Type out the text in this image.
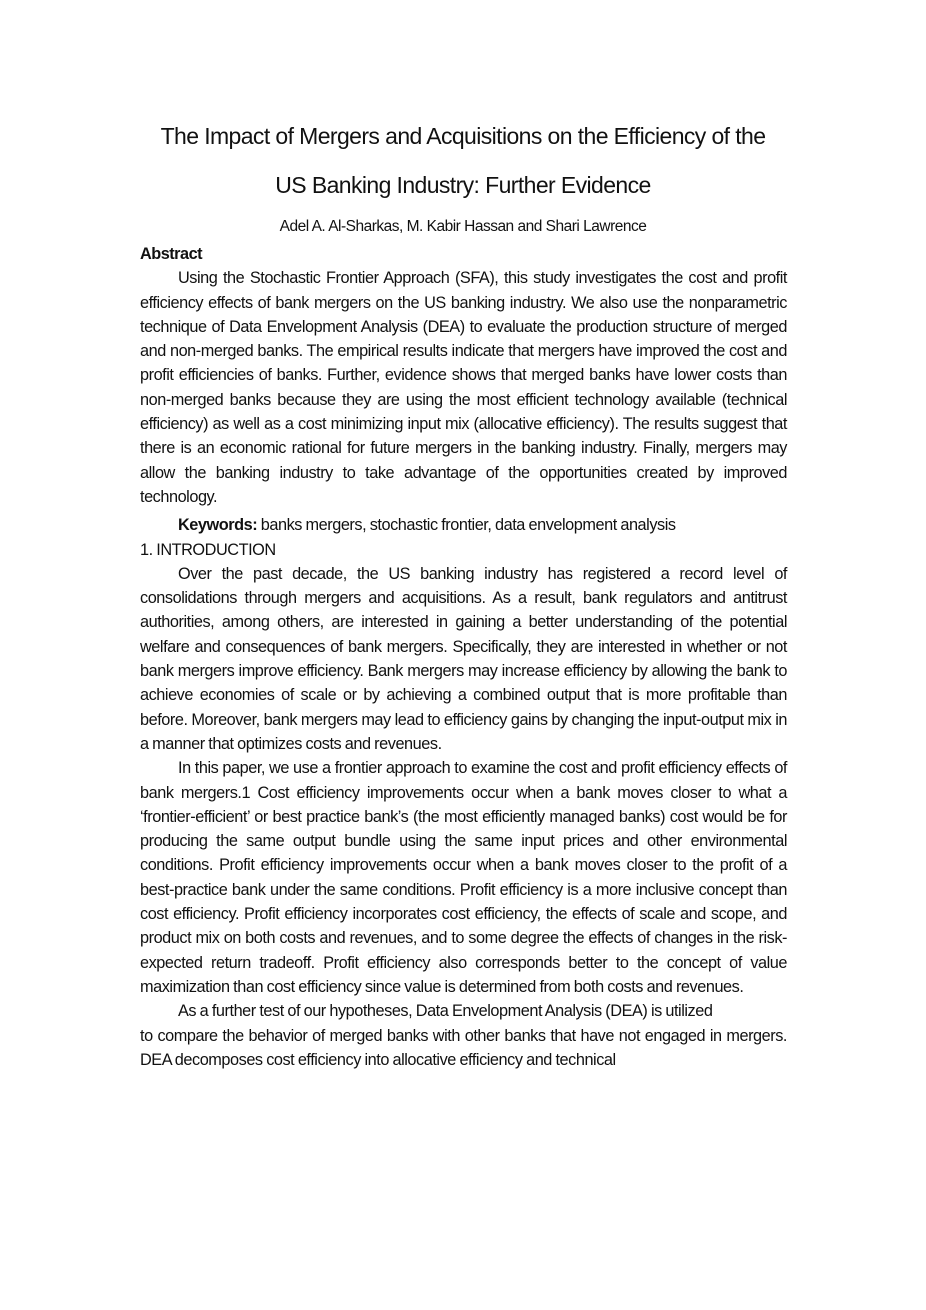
The Impact of Mergers and Acquisitions on the Efficiency of the
US Banking Industry: Further Evidence

Adel A. Al-Sharkas, M. Kabir Hassan and Shari Lawrence

Abstract

Using the Stochastic Frontier Approach (SFA), this study investigates the cost and profit efficiency effects of bank mergers on the US banking industry. We also use the nonparametric technique of Data Envelopment Analysis (DEA) to evaluate the production structure of merged and non-merged banks. The empirical results indicate that mergers have improved the cost and profit efficiencies of banks. Further, evidence shows that merged banks have lower costs than non-merged banks because they are using the most efficient technology available (technical efficiency) as well as a cost minimizing input mix (allocative efficiency). The results suggest that there is an economic rational for future mergers in the banking industry. Finally, mergers may allow the banking industry to take advantage of the opportunities created by improved technology.

Keywords: banks mergers, stochastic frontier, data envelopment analysis

1. INTRODUCTION

Over the past decade, the US banking industry has registered a record level of consolidations through mergers and acquisitions. As a result, bank regulators and antitrust authorities, among others, are interested in gaining a better understanding of the potential welfare and consequences of bank mergers. Specifically, they are interested in whether or not bank mergers improve efficiency. Bank mergers may increase efficiency by allowing the bank to achieve economies of scale or by achieving a combined output that is more profitable than before. Moreover, bank mergers may lead to efficiency gains by changing the input-output mix in a manner that optimizes costs and revenues.

In this paper, we use a frontier approach to examine the cost and profit efficiency effects of bank mergers.1 Cost efficiency improvements occur when a bank moves closer to what a ‘frontier-efficient’ or best practice bank’s (the most efficiently managed banks) cost would be for producing the same output bundle using the same input prices and other environmental conditions. Profit efficiency improvements occur when a bank moves closer to the profit of a best-practice bank under the same conditions. Profit efficiency is a more inclusive concept than cost efficiency. Profit efficiency incorporates cost efficiency, the effects of scale and scope, and product mix on both costs and revenues, and to some degree the effects of changes in the risk-expected return tradeoff. Profit efficiency also corresponds better to the concept of value maximization than cost efficiency since value is determined from both costs and revenues.

As a further test of our hypotheses, Data Envelopment Analysis (DEA) is utilized

to compare the behavior of merged banks with other banks that have not engaged in mergers. DEA decomposes cost efficiency into allocative efficiency and technical
